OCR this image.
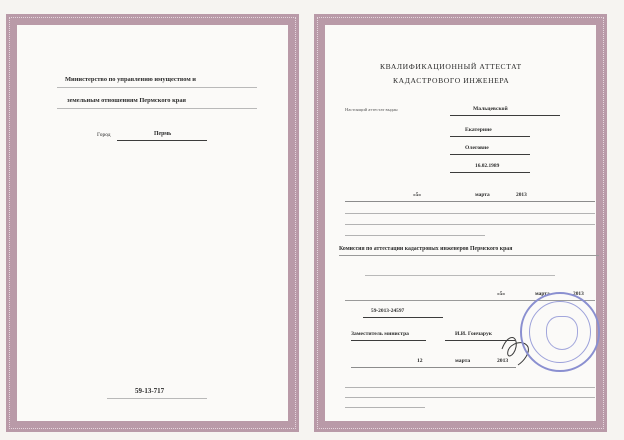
Министерство по управлению имуществом и
земельным отношениям Пермского края
Город	Пермь
59-13-717
КВАЛИФИКАЦИОННЫЙ АТТЕСТАТ
КАДАСТРОВОГО ИНЖЕНЕРА
Настоящий аттестат выдан	Мальцевской
Екатерине
Олеговне
16.02.1989
«5»	марта	2013
Комиссия по аттестации кадастровых инженеров Пермского края
«5»	марта	2013
59-2013-24597
Заместитель министра	И.И. Гончарук
12	марта	2013
